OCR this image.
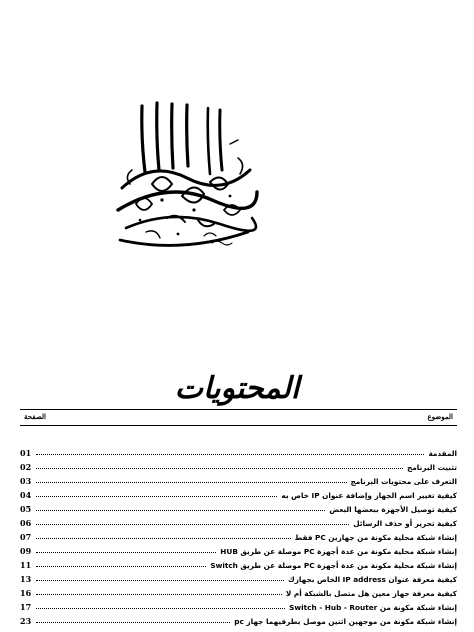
المحتويات
الموضوع
الصفحة
المقدمة
01
تثبيت البرنامج
02
التعرف على محتويات البرنامج
03
كيفية تغيير اسم الجهاز وإضافة عنوان IP خاص به
04
كيفية توصيل الأجهزة ببعضها البعض
05
كيفية تحرير أو حذف الرسائل
06
إنشاء شبكة محلية مكونة من جهازين PC فقط
07
إنشاء شبكة محلية مكونة من عدة أجهزة PC موصلة عن طريق HUB
09
إنشاء شبكة محلية مكونة من عدة أجهزة PC موصلة عن طريق Switch
11
كيفية معرفة عنوان IP address الخاص بجهازك
13
كيفية معرفة جهاز معين هل متصل بالشبكة أم لا
16
إنشاء شبكة مكونة من Switch - Hub - Router
17
إنشاء شبكة مكونة من موجهين اثنين موصل بطرفيهما جهاز pc
23
